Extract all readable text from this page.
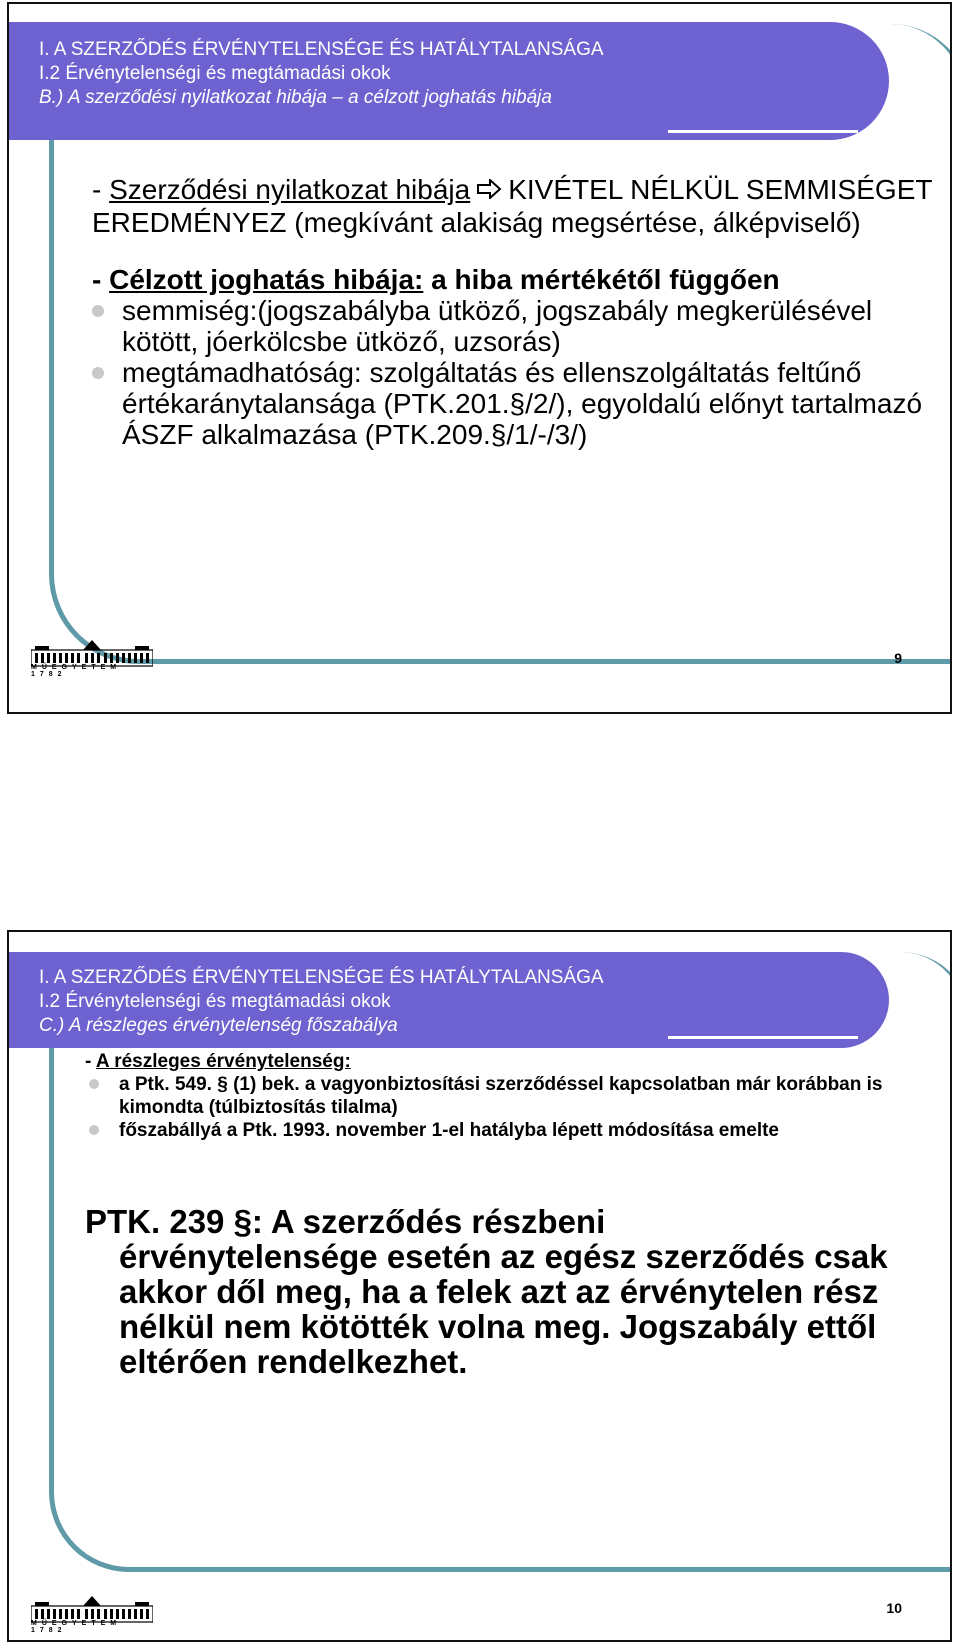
I. A SZERZŐDÉS ÉRVÉNYTELENSÉGE ÉS HATÁLYTALANSÁGA
I.2 Érvénytelenségi és megtámadási okok
B.) A szerződési nyilatkozat hibája – a célzott joghatás hibája

- Szerződési nyilatkozat hibája KIVÉTEL NÉLKÜL SEMMISÉGET EREDMÉNYEZ (megkívánt alakiság megsértése, álképviselő)

- Célzott joghatás hibája: a hiba mértékétől függően

semmiség:(jogszabályba ütköző, jogszabály megkerülésével kötött, jóerkölcsbe ütköző, uzsorás)
megtámadhatóság: szolgáltatás és ellenszolgáltatás feltűnő értékaránytalansága (PTK.201.§/2/), egyoldalú előnyt tartalmazó ÁSZF alkalmazása (PTK.209.§/1/-/3/)
MŰEGYETEM 1782
9
I. A SZERZŐDÉS ÉRVÉNYTELENSÉGE ÉS HATÁLYTALANSÁGA
I.2 Érvénytelenségi és megtámadási okok
C.) A részleges érvénytelenség főszabálya

- A részleges érvénytelenség:

a Ptk. 549. § (1) bek. a vagyonbiztosítási szerződéssel kapcsolatban már korábban is kimondta (túlbiztosítás tilalma)
főszabállyá a Ptk. 1993. november 1-el hatályba lépett módosítása emelte
PTK. 239 §: A szerződés részbeni
érvénytelensége esetén az egész szerződés csak akkor dől meg, ha a felek azt az érvénytelen rész nélkül nem kötötték volna meg. Jogszabály ettől eltérően rendelkezhet.
MŰEGYETEM 1782
10
